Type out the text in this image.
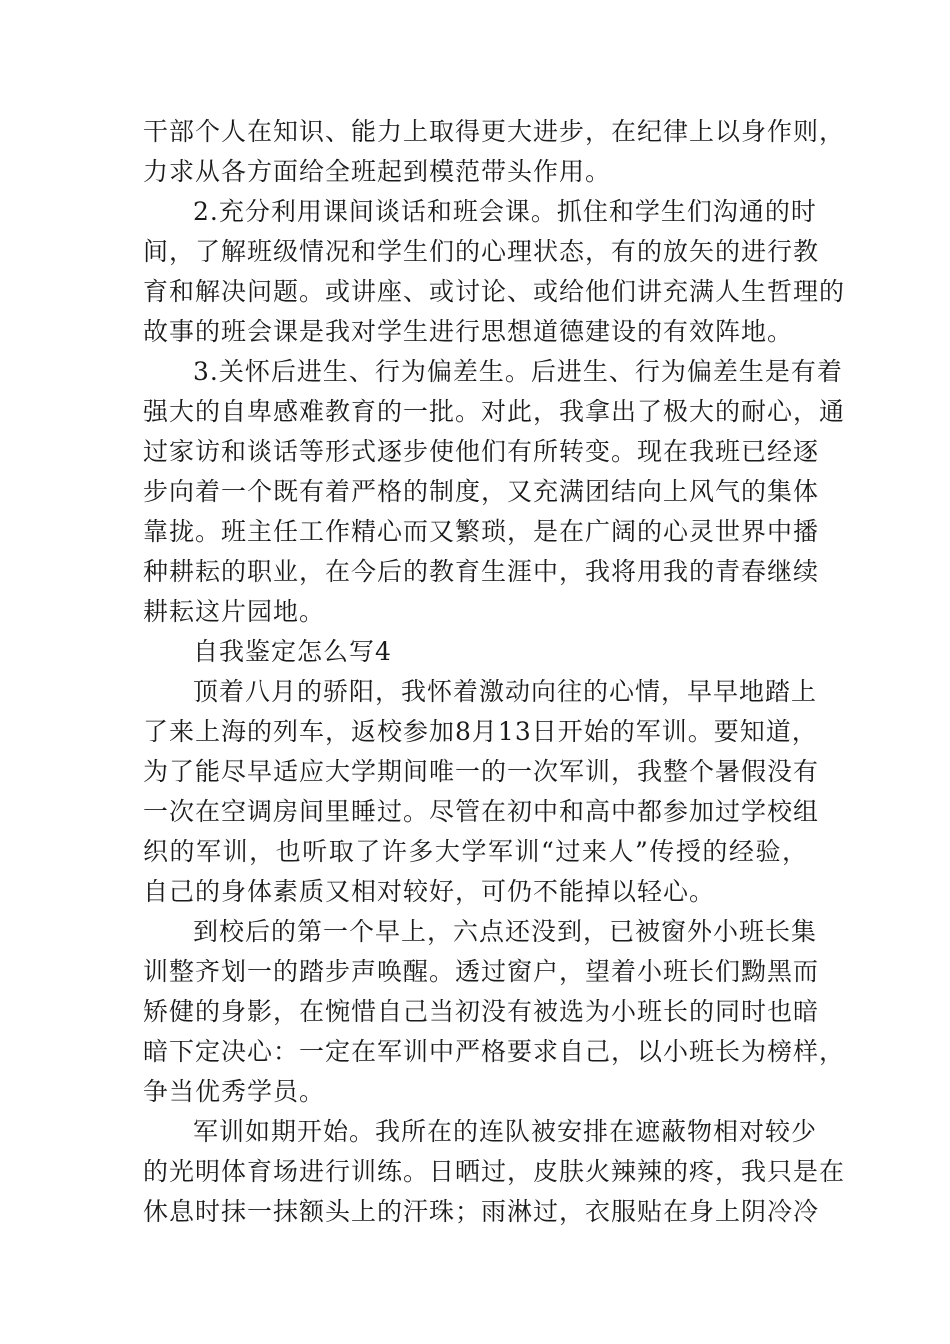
干部个人在知识、能力上取得更大进步，在纪律上以身作则，
力求从各方面给全班起到模范带头作用。
2.充分利用课间谈话和班会课。抓住和学生们沟通的时
间，了解班级情况和学生们的心理状态，有的放矢的进行教
育和解决问题。或讲座、或讨论、或给他们讲充满人生哲理的
故事的班会课是我对学生进行思想道德建设的有效阵地。
3.关怀后进生、行为偏差生。后进生、行为偏差生是有着
强大的自卑感难教育的一批。对此，我拿出了极大的耐心，通
过家访和谈话等形式逐步使他们有所转变。现在我班已经逐
步向着一个既有着严格的制度，又充满团结向上风气的集体
靠拢。班主任工作精心而又繁琐，是在广阔的心灵世界中播
种耕耘的职业，在今后的教育生涯中，我将用我的青春继续
耕耘这片园地。
自我鉴定怎么写4
顶着八月的骄阳，我怀着激动向往的心情，早早地踏上
了来上海的列车，返校参加8月13日开始的军训。要知道，
为了能尽早适应大学期间唯一的一次军训，我整个暑假没有
一次在空调房间里睡过。尽管在初中和高中都参加过学校组
织的军训，也听取了许多大学军训“过来人”传授的经验，
自己的身体素质又相对较好，可仍不能掉以轻心。
到校后的第一个早上，六点还没到，已被窗外小班长集
训整齐划一的踏步声唤醒。透过窗户，望着小班长们黝黑而
矫健的身影，在惋惜自己当初没有被选为小班长的同时也暗
暗下定决心：一定在军训中严格要求自己，以小班长为榜样，
争当优秀学员。
军训如期开始。我所在的连队被安排在遮蔽物相对较少
的光明体育场进行训练。日晒过，皮肤火辣辣的疼，我只是在
休息时抹一抹额头上的汗珠；雨淋过，衣服贴在身上阴冷冷
